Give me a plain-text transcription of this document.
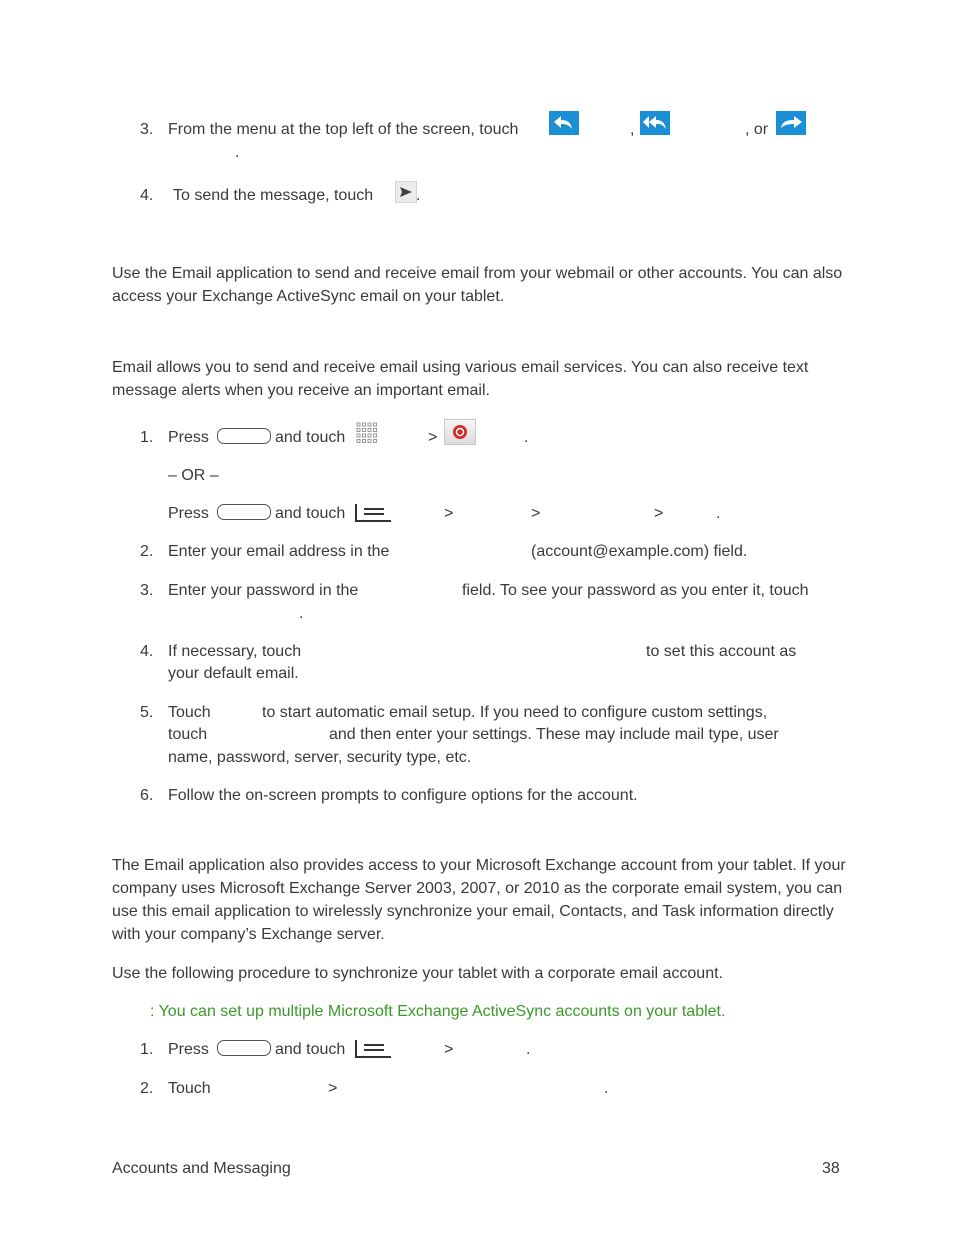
3. From the menu at the top left of the screen, touch	,	, or
.
4. To send the message, touch	.
Use the Email application to send and receive email from your webmail or other accounts. You can also access your Exchange ActiveSync email on your tablet.
Email allows you to send and receive email using various email services. You can also receive text message alerts when you receive an important email.
1. Press	and touch	>	.
– OR –
Press	and touch	>	>	>	.
2. Enter your email address in the	(account@example.com) field.
3. Enter your password in the	field. To see your password as you enter it, touch
.
4. If necessary, touch	to set this account as
your default email.
5. Touch	to start automatic email setup. If you need to configure custom settings,
touch	and then enter your settings. These may include mail type, user
name, password, server, security type, etc.
6. Follow the on-screen prompts to configure options for the account.
The Email application also provides access to your Microsoft Exchange account from your tablet. If your company uses Microsoft Exchange Server 2003, 2007, or 2010 as the corporate email system, you can use this email application to wirelessly synchronize your email, Contacts, and Task information directly with your company’s Exchange server.
Use the following procedure to synchronize your tablet with a corporate email account.
: You can set up multiple Microsoft Exchange ActiveSync accounts on your tablet.
1. Press	and touch	>	.
2. Touch	>	.
Accounts and Messaging	38
